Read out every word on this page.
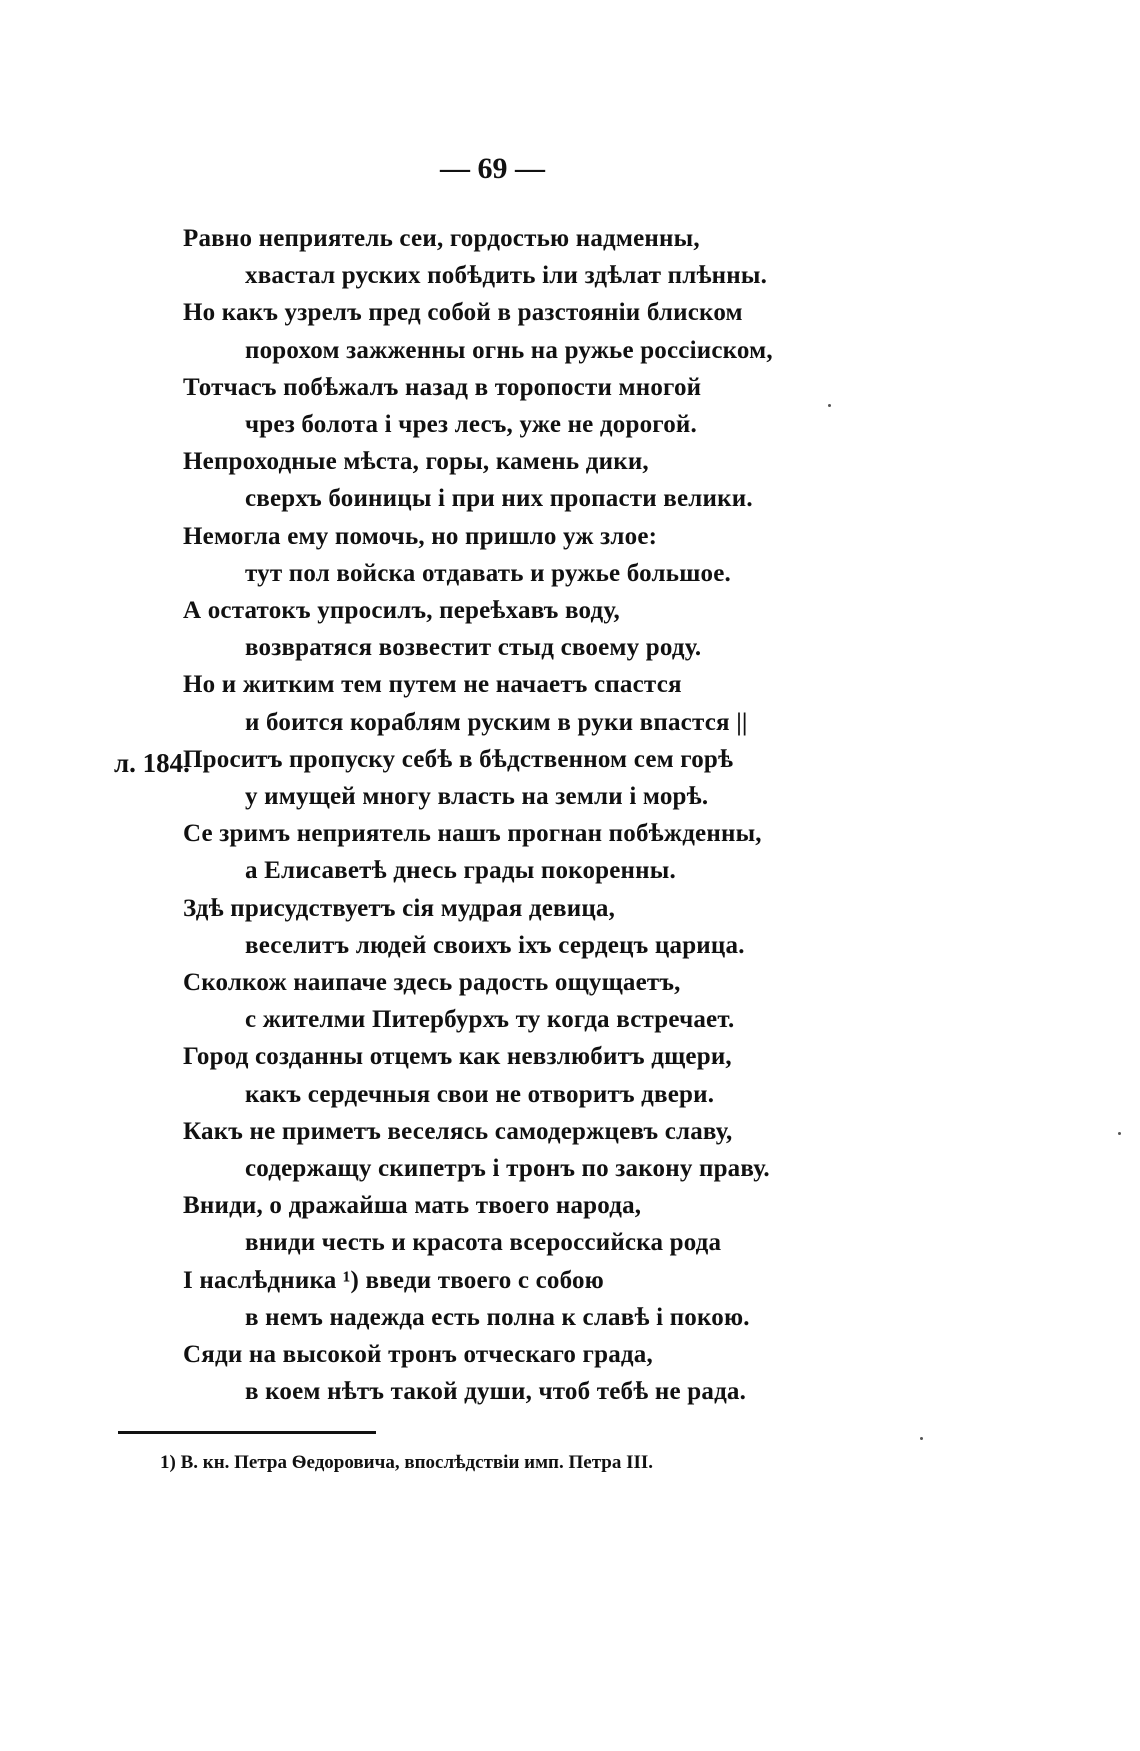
— 69 —
Равно неприятель сеи, гордостью надменны,
хвастал руских побѣдить iли здѣлат плѣнны.
Но какъ узрелъ пред собой в разстоянiи блиском
порохом зажженны огнь на ружье россiиском,
Тотчасъ побѣжалъ назад в торопости многой
чрез болота i чрез лесъ, уже не дорогой.
Непроходные мѣста, горы, камень дики,
сверхъ боиницы i при них пропасти велики.
Немогла ему помочь, но пришло уж злое:
тут пол войска отдавать и ружье большое.
А остатокъ упросилъ, переѣхавъ воду,
возвратяся возвестит стыд своему роду.
Но и житким тем путем не начаетъ спастся
и боится кораблям руским в руки впастся ||
Проситъ пропуску себѣ в бѣдственном сем горѣ
у имущей многу власть на земли i морѣ.
Се зримъ неприятель нашъ прогнан побѣжденны,
а Елисаветѣ днесь грады покоренны.
Здѣ присудствуетъ сiя мудрая девица,
веселитъ людей своихъ iхъ сердецъ царица.
Сколкож наипаче здесь радость ощущаетъ,
с жителми Питербурхъ ту когда встречает.
Город созданны отцемъ как невзлюбитъ дщери,
какъ сердечныя свои не отворитъ двери.
Какъ не приметъ веселясь самодержцевъ славу,
содержащу скипетръ i тронъ по закону праву.
Вниди, о дражайша мать твоего народа,
вниди честь и красота всероссийска рода
I наслѣдника ¹) введи твоего с собою
в немъ надежда есть полна к славѣ i покою.
Сяди на высокой тронъ отческаго града,
в коем нѣтъ такой души, чтоб тебѣ не рада.
л. 184.
1) В. кн. Петра Ѳедоровича, впослѣдствiи имп. Петра III.
